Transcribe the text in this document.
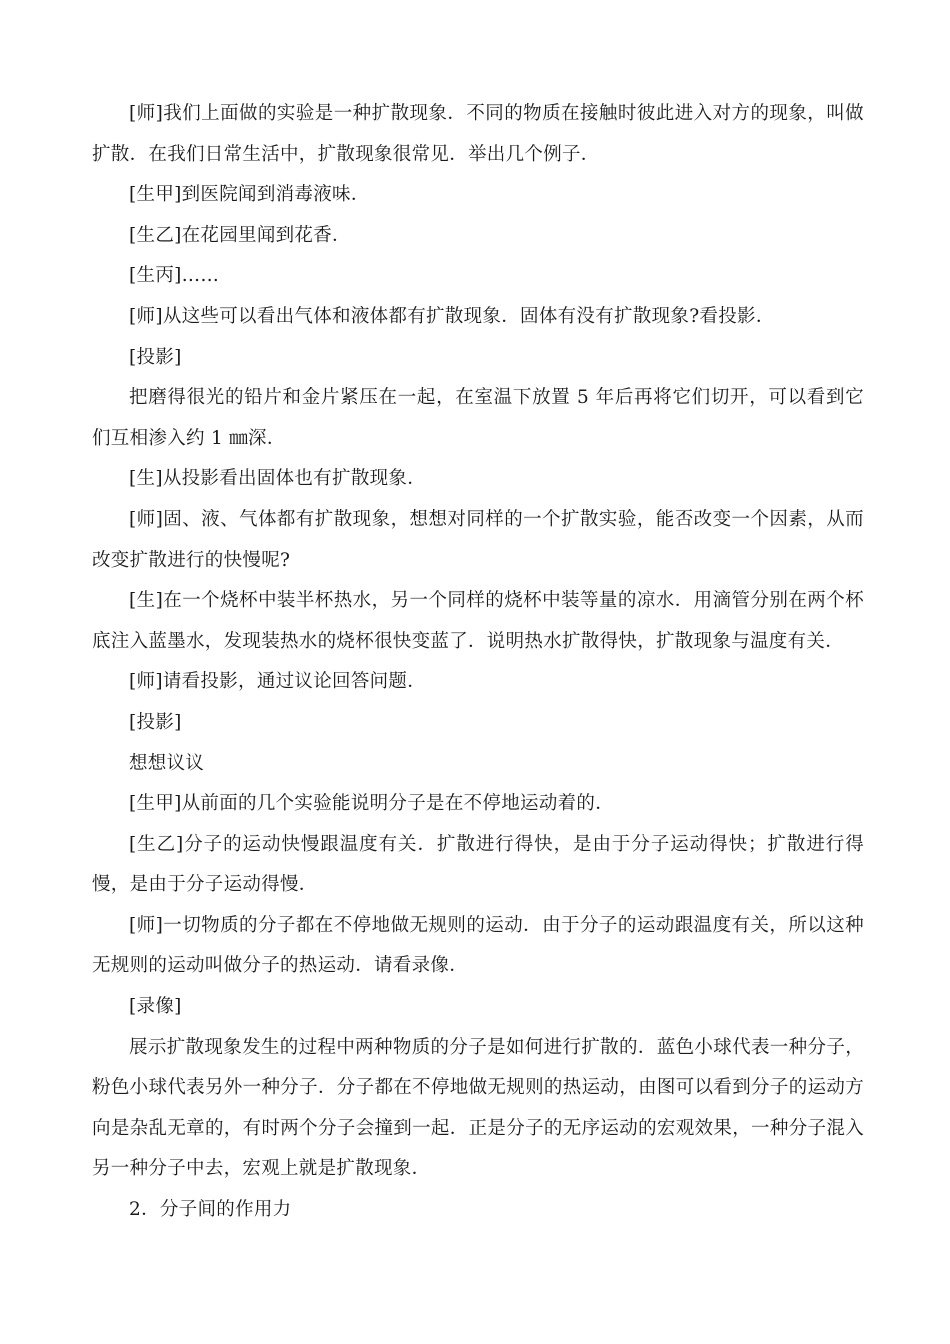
[师]我们上面做的实验是一种扩散现象．不同的物质在接触时彼此进入对方的现象，叫做扩散．在我们日常生活中，扩散现象很常见．举出几个例子．

[生甲]到医院闻到消毒液味．

[生乙]在花园里闻到花香．

[生丙]……

[师]从这些可以看出气体和液体都有扩散现象．固体有没有扩散现象?看投影．

[投影]

把磨得很光的铅片和金片紧压在一起，在室温下放置 5 年后再将它们切开，可以看到它们互相渗入约 1 ㎜深．

[生]从投影看出固体也有扩散现象．

[师]固、液、气体都有扩散现象，想想对同样的一个扩散实验，能否改变一个因素，从而改变扩散进行的快慢呢?

[生]在一个烧杯中装半杯热水，另一个同样的烧杯中装等量的凉水．用滴管分别在两个杯底注入蓝墨水，发现装热水的烧杯很快变蓝了．说明热水扩散得快，扩散现象与温度有关．

[师]请看投影，通过议论回答问题．

[投影]

想想议议

[生甲]从前面的几个实验能说明分子是在不停地运动着的．

[生乙]分子的运动快慢跟温度有关．扩散进行得快，是由于分子运动得快；扩散进行得慢，是由于分子运动得慢．

[师]一切物质的分子都在不停地做无规则的运动．由于分子的运动跟温度有关，所以这种无规则的运动叫做分子的热运动．请看录像．

[录像]

展示扩散现象发生的过程中两种物质的分子是如何进行扩散的．蓝色小球代表一种分子，粉色小球代表另外一种分子．分子都在不停地做无规则的热运动，由图可以看到分子的运动方向是杂乱无章的，有时两个分子会撞到一起．正是分子的无序运动的宏观效果，一种分子混入另一种分子中去，宏观上就是扩散现象．

2．分子间的作用力
